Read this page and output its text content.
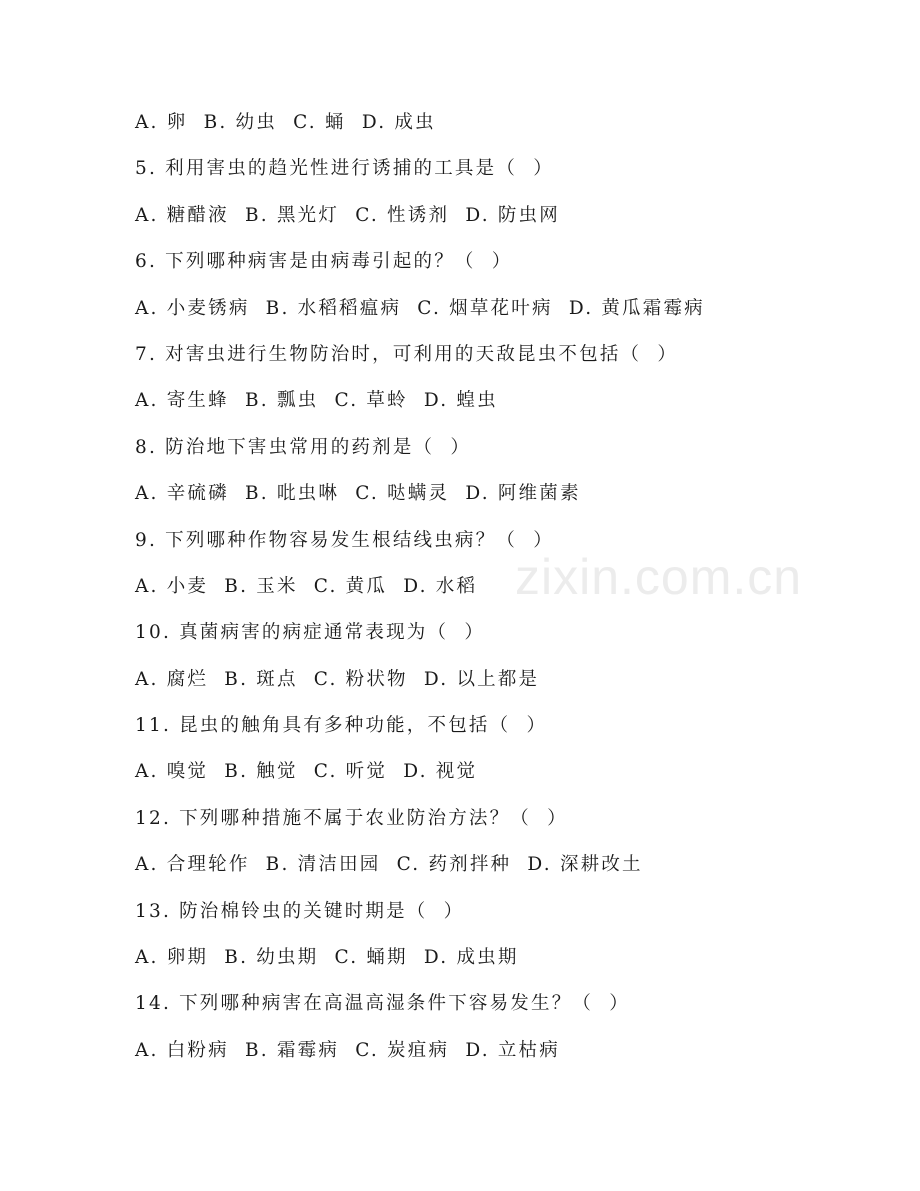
zixin.com.cn
A. 卵  B. 幼虫  C. 蛹  D. 成虫
5. 利用害虫的趋光性进行诱捕的工具是（  ）
A. 糖醋液  B. 黑光灯  C. 性诱剂  D. 防虫网
6. 下列哪种病害是由病毒引起的？（  ）
A. 小麦锈病  B. 水稻稻瘟病  C. 烟草花叶病  D. 黄瓜霜霉病
7. 对害虫进行生物防治时，可利用的天敌昆虫不包括（  ）
A. 寄生蜂  B. 瓢虫  C. 草蛉  D. 蝗虫
8. 防治地下害虫常用的药剂是（  ）
A. 辛硫磷  B. 吡虫啉  C. 哒螨灵  D. 阿维菌素
9. 下列哪种作物容易发生根结线虫病？（  ）
A. 小麦  B. 玉米  C. 黄瓜  D. 水稻
10. 真菌病害的病症通常表现为（  ）
A. 腐烂  B. 斑点  C. 粉状物  D. 以上都是
11. 昆虫的触角具有多种功能，不包括（  ）
A. 嗅觉  B. 触觉  C. 听觉  D. 视觉
12. 下列哪种措施不属于农业防治方法？（  ）
A. 合理轮作  B. 清洁田园  C. 药剂拌种  D. 深耕改土
13. 防治棉铃虫的关键时期是（  ）
A. 卵期  B. 幼虫期  C. 蛹期  D. 成虫期
14. 下列哪种病害在高温高湿条件下容易发生？（  ）
A. 白粉病  B. 霜霉病  C. 炭疽病  D. 立枯病
